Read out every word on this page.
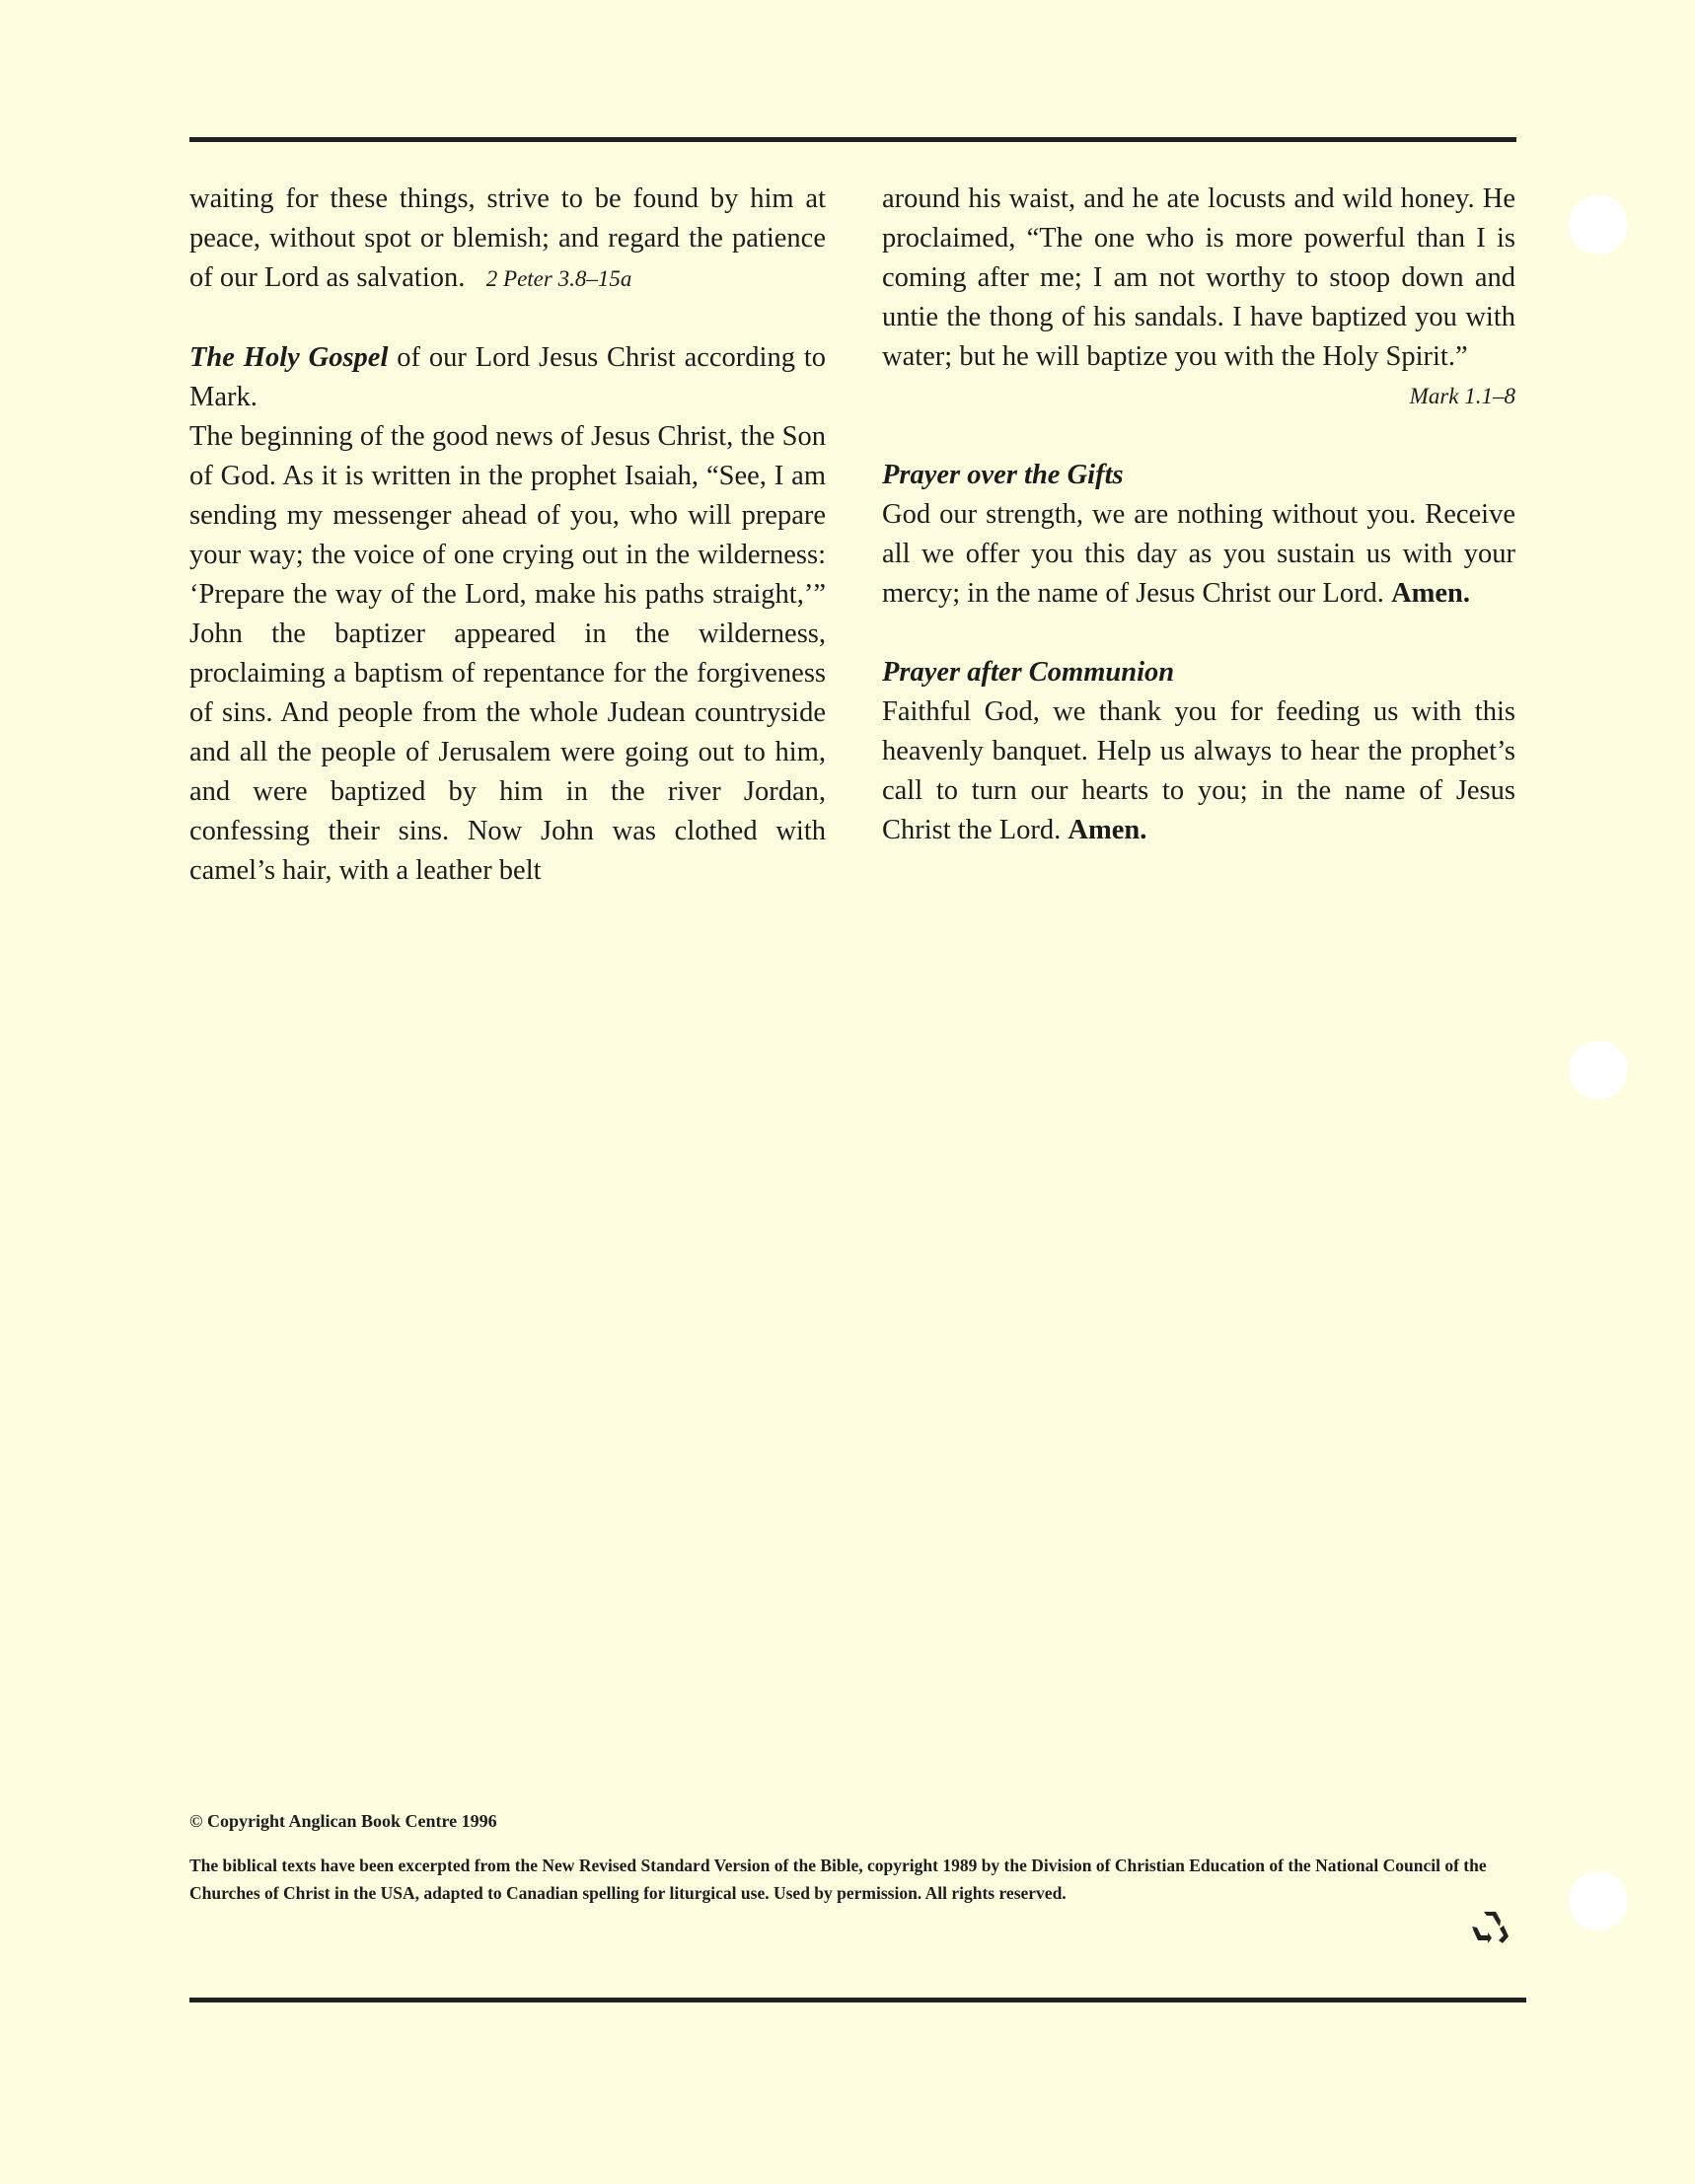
waiting for these things, strive to be found by him at peace, without spot or blemish; and regard the patience of our Lord as salvation. 2 Peter 3.8–15a

The Holy Gospel of our Lord Jesus Christ according to Mark.

The beginning of the good news of Jesus Christ, the Son of God. As it is written in the prophet Isaiah, “See, I am sending my messenger ahead of you, who will prepare your way; the voice of one crying out in the wilderness: ‘Prepare the way of the Lord, make his paths straight,’” John the baptizer appeared in the wilderness, proclaiming a baptism of repentance for the forgiveness of sins. And people from the whole Judean countryside and all the people of Jerusalem were going out to him, and were baptized by him in the river Jordan, confessing their sins. Now John was clothed with camel’s hair, with a leather belt

around his waist, and he ate locusts and wild honey. He proclaimed, “The one who is more powerful than I is coming after me; I am not worthy to stoop down and untie the thong of his sandals. I have baptized you with water; but he will baptize you with the Holy Spirit.”

Mark 1.1–8

Prayer over the Gifts

God our strength, we are nothing without you. Receive all we offer you this day as you sustain us with your mercy; in the name of Jesus Christ our Lord. Amen.

Prayer after Communion

Faithful God, we thank you for feeding us with this heavenly banquet. Help us always to hear the prophet’s call to turn our hearts to you; in the name of Jesus Christ the Lord. Amen.

© Copyright Anglican Book Centre 1996
The biblical texts have been excerpted from the New Revised Standard Version of the Bible, copyright 1989 by the Division of Christian Education of the National Council of the Churches of Christ in the USA, adapted to Canadian spelling for liturgical use. Used by permission. All rights reserved.
